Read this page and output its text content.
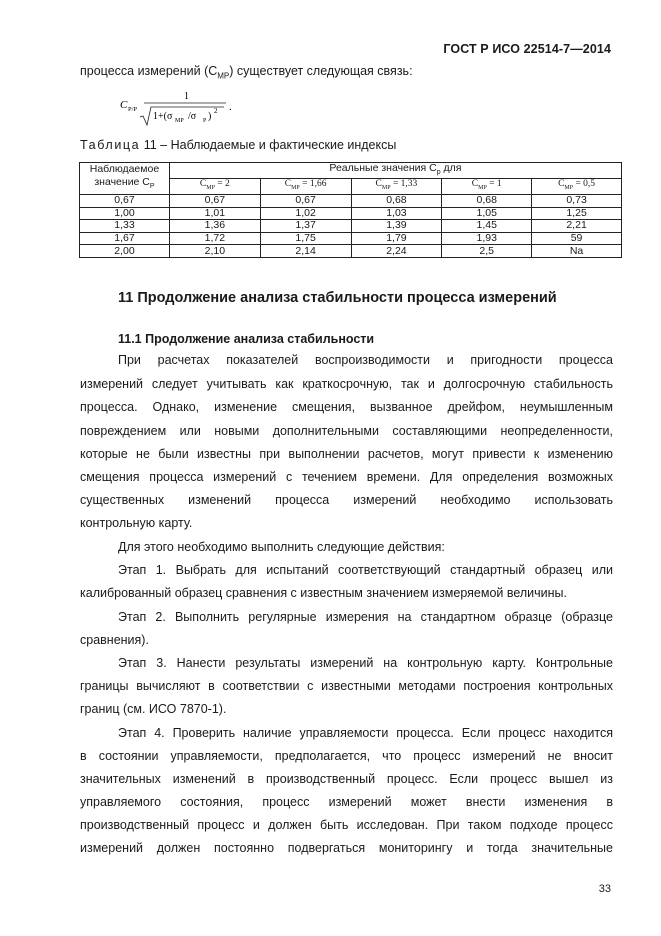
ГОСТ Р ИСО 22514-7—2014
процесса измерений $(C_{MP})$ существует следующая связь:
C P/P
1
1+(σ MP /σ P ) 2 .
Таблица 11 – Наблюдаемые и фактические индексы
Наблюдаемое
значение $C_P$	Реальные значения $C_p$ для				
	$C_{MP} = 2$	$C_{MP} = 1,66$	$C_{MP} = 1,33$	$C_{MP} = 1$	$C_{MP} = 0,5$
0,67	0,67	0,67	0,68	0,68	0,73
1,00	1,01	1,02	1,03	1,05	1,25
1,33	1,36	1,37	1,39	1,45	2,21
1,67	1,72	1,75	1,79	1,93	59
2,00	2,10	2,14	2,24	2,5	Na
11 Продолжение анализа стабильности процесса измерений
11.1 Продолжение анализа стабильности
При расчетах показателей воспроизводимости и пригодности процесса
измерений следует учитывать как краткосрочную, так и долгосрочную стабильность
процесса. Однако, изменение смещения, вызванное дрейфом, неумышленным
повреждением или новыми дополнительными составляющими неопределенности,
которые не были известны при выполнении расчетов, могут привести к изменению
смещения процесса измерений с течением времени. Для определения возможных
существенных изменений процесса измерений необходимо использовать
контрольную карту.
Для этого необходимо выполнить следующие действия:
Этап 1. Выбрать для испытаний соответствующий стандартный образец или
калиброванный образец сравнения с известным значением измеряемой величины.
Этап 2. Выполнить регулярные измерения на стандартном образце (образце
сравнения).
Этап 3. Нанести результаты измерений на контрольную карту. Контрольные
границы вычисляют в соответствии с известными методами построения контрольных
границ (см. ИСО 7870-1).
Этап 4. Проверить наличие управляемости процесса. Если процесс находится
в состоянии управляемости, предполагается, что процесс измерений не вносит
значительных изменений в производственный процесс. Если процесс вышел из
управляемого состояния, процесс измерений может внести изменения в
производственный процесс и должен быть исследован. При таком подходе процесс
измерений должен постоянно подвергаться мониторингу и тогда значительные
33
